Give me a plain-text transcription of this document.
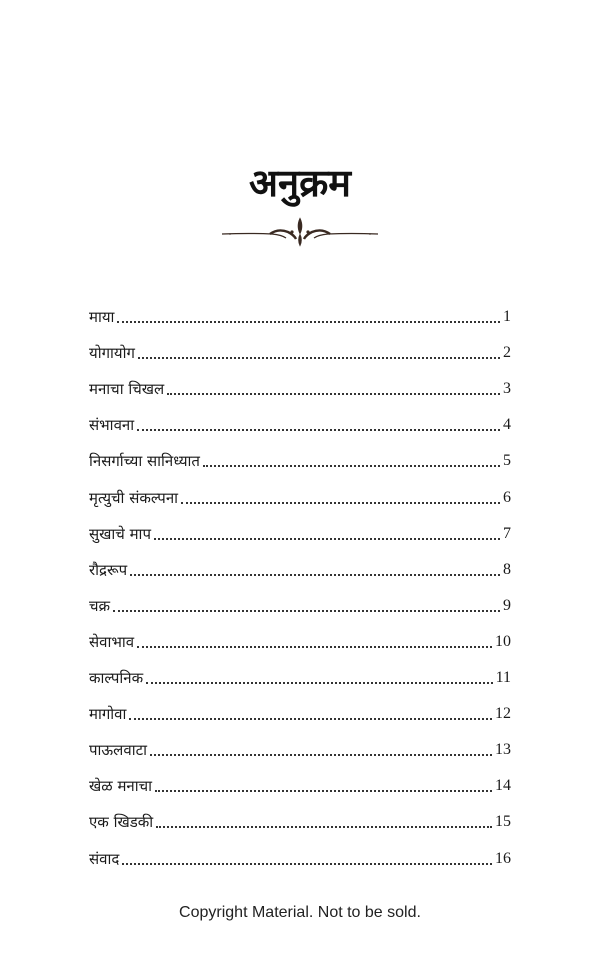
अनुक्रम
माया	1
योगायोग	2
मनाचा चिखल	3
संभावना	4
निसर्गाच्या सानिध्यात	5
मृत्युची संकल्पना	6
सुखाचे माप	7
रौद्ररूप	8
चक्र	9
सेवाभाव	10
काल्पनिक	11
मागोवा	12
पाऊलवाटा	13
खेळ मनाचा	14
एक खिडकी	15
संवाद	16
Copyright Material. Not to be sold.
